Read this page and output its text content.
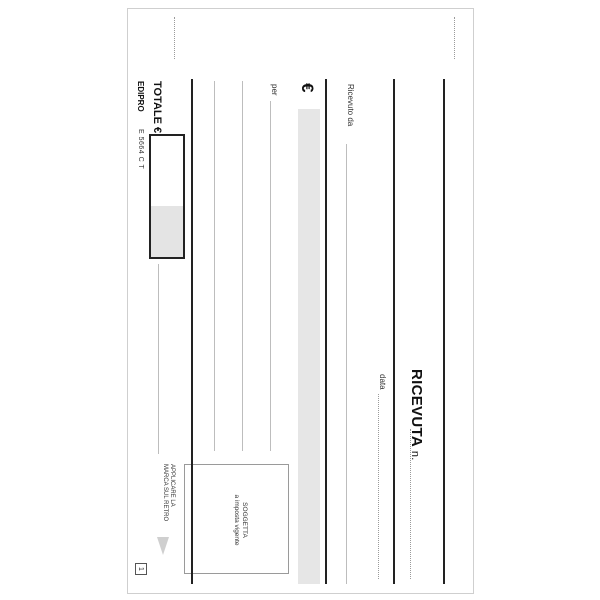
RICEVUTA n.
data
Ricevuto da
€
per
SOGGETTA
a imposta vigente
TOTALE €
APPLICARE LA
MARCA SUL RETRO
EDIPRO
E 5664 C T
1
